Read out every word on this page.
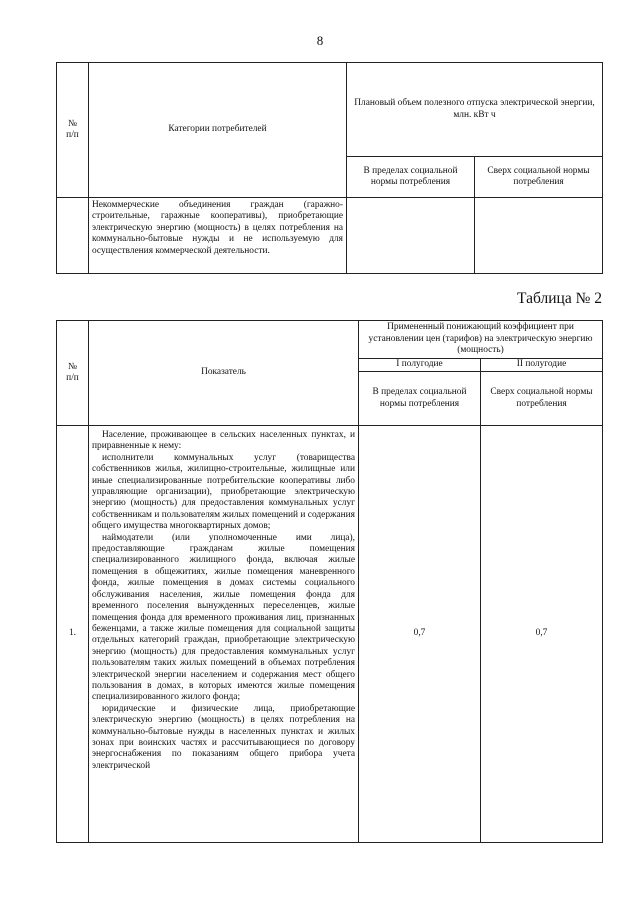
8
№
п/п	Категории потребителей	Плановый объем полезного отпуска электрической энергии,
млн. кВт ч	
		В пределах социальной нормы потребления	Сверх социальной нормы потребления
	Некоммерческие объединения граждан (гаражно-строительные, гаражные кооперативы), приобретающие электрическую энергию (мощность) в целях потребления на коммунально-бытовые нужды и не используемую для осуществления коммерческой деятельности.		
Таблица № 2
№
п/п	Показатель	Примененный понижающий коэффициент при установлении цен (тарифов) на электрическую энергию (мощность)	
		I полугодие	II полугодие
		В пределах социальной нормы потребления	Сверх социальной нормы потребления
1.	Население, проживающее в сельских населенных пунктах, и приравненные к нему:

исполнители коммунальных услуг (товарищества собственников жилья, жилищно-строительные, жилищные или иные специализированные потребительские кооперативы либо управляющие организации), приобретающие электрическую энергию (мощность) для предоставления коммунальных услуг собственникам и пользователям жилых помещений и содержания общего имущества многоквартирных домов;

наймодатели (или уполномоченные ими лица), предоставляющие гражданам жилые помещения специализированного жилищного фонда, включая жилые помещения в общежитиях, жилые помещения маневренного фонда, жилые помещения в домах системы социального обслуживания населения, жилые помещения фонда для временного поселения вынужденных переселенцев, жилые помещения фонда для временного проживания лиц, признанных беженцами, а также жилые помещения для социальной защиты отдельных категорий граждан, приобретающие электрическую энергию (мощность) для предоставления коммунальных услуг пользователям таких жилых помещений в объемах потребления электрической энергии населением и содержания мест общего пользования в домах, в которых имеются жилые помещения специализированного жилого фонда;

юридические и физические лица, приобретающие электрическую энергию (мощность) в целях потребления на коммунально-бытовые нужды в населенных пунктах и жилых зонах при воинских частях и рассчитывающиеся по договору энергоснабжения по показаниям общего прибора учета электрической	0,7	0,7
